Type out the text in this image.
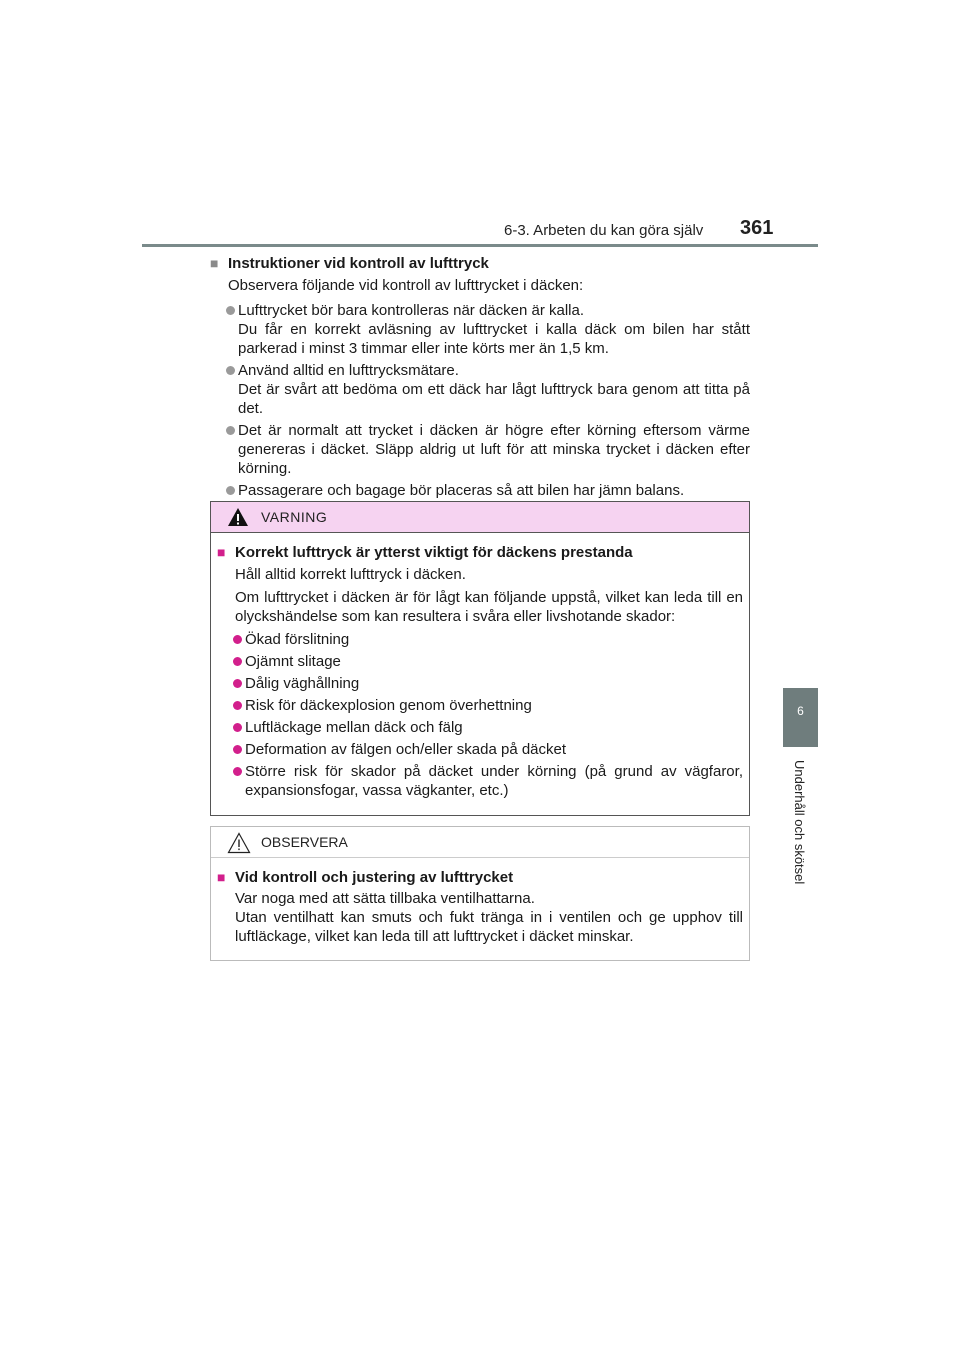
6-3. Arbeten du kan göra själv 361
6
Underhåll och skötsel
■ Instruktioner vid kontroll av lufttryck
Observera följande vid kontroll av lufttrycket i däcken:
Lufttrycket bör bara kontrolleras när däcken är kalla.
Du får en korrekt avläsning av lufttrycket i kalla däck om bilen har stått parkerad i minst 3 timmar eller inte körts mer än 1,5 km.
Använd alltid en lufttrycksmätare.
Det är svårt att bedöma om ett däck har lågt lufttryck bara genom att titta på det.
Det är normalt att trycket i däcken är högre efter körning eftersom värme genereras i däcket. Släpp aldrig ut luft för att minska trycket i däcken efter körning.
Passagerare och bagage bör placeras så att bilen har jämn balans.
VARNING
■ Korrekt lufttryck är ytterst viktigt för däckens prestanda
Håll alltid korrekt lufttryck i däcken.
Om lufttrycket i däcken är för lågt kan följande uppstå, vilket kan leda till en olyckshändelse som kan resultera i svåra eller livshotande skador:
Ökad förslitning
Ojämnt slitage
Dålig väghållning
Risk för däckexplosion genom överhettning
Luftläckage mellan däck och fälg
Deformation av fälgen och/eller skada på däcket
Större risk för skador på däcket under körning (på grund av vägfaror, expansionsfogar, vassa vägkanter, etc.)
OBSERVERA
■ Vid kontroll och justering av lufttrycket
Var noga med att sätta tillbaka ventilhattarna.
Utan ventilhatt kan smuts och fukt tränga in i ventilen och ge upphov till luftläckage, vilket kan leda till att lufttrycket i däcket minskar.
